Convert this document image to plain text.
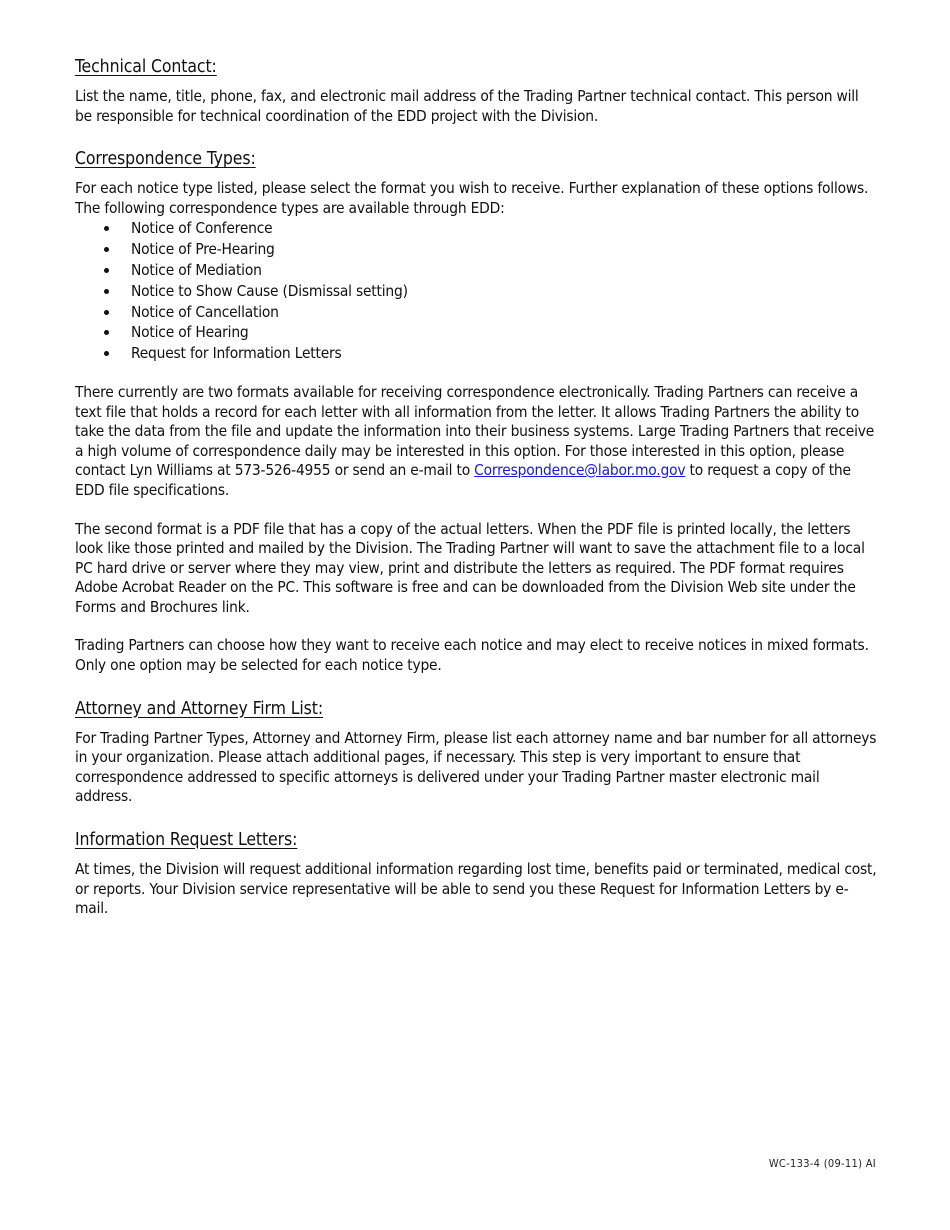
Technical Contact:

List the name, title, phone, fax, and electronic mail address of the Trading Partner technical contact. This person will be responsible for technical coordination of the EDD project with the Division.

Correspondence Types:

For each notice type listed, please select the format you wish to receive. Further explanation of these options follows. The following correspondence types are available through EDD:

Notice of Conference
Notice of Pre-Hearing
Notice of Mediation
Notice to Show Cause (Dismissal setting)
Notice of Cancellation
Notice of Hearing
Request for Information Letters

There currently are two formats available for receiving correspondence electronically. Trading Partners can receive a text file that holds a record for each letter with all information from the letter. It allows Trading Partners the ability to take the data from the file and update the information into their business systems. Large Trading Partners that receive a high volume of correspondence daily may be interested in this option. For those interested in this option, please contact Lyn Williams at 573-526-4955 or send an e-mail to Correspondence@labor.mo.gov to request a copy of the EDD file specifications.

The second format is a PDF file that has a copy of the actual letters. When the PDF file is printed locally, the letters look like those printed and mailed by the Division. The Trading Partner will want to save the attachment file to a local PC hard drive or server where they may view, print and distribute the letters as required. The PDF format requires Adobe Acrobat Reader on the PC. This software is free and can be downloaded from the Division Web site under the Forms and Brochures link.

Trading Partners can choose how they want to receive each notice and may elect to receive notices in mixed formats. Only one option may be selected for each notice type.

Attorney and Attorney Firm List:

For Trading Partner Types, Attorney and Attorney Firm, please list each attorney name and bar number for all attorneys in your organization. Please attach additional pages, if necessary. This step is very important to ensure that correspondence addressed to specific attorneys is delivered under your Trading Partner master electronic mail address.

Information Request Letters:

At times, the Division will request additional information regarding lost time, benefits paid or terminated, medical cost, or reports. Your Division service representative will be able to send you these Request for Information Letters by e-mail.

WC-133-4 (09-11) AI
